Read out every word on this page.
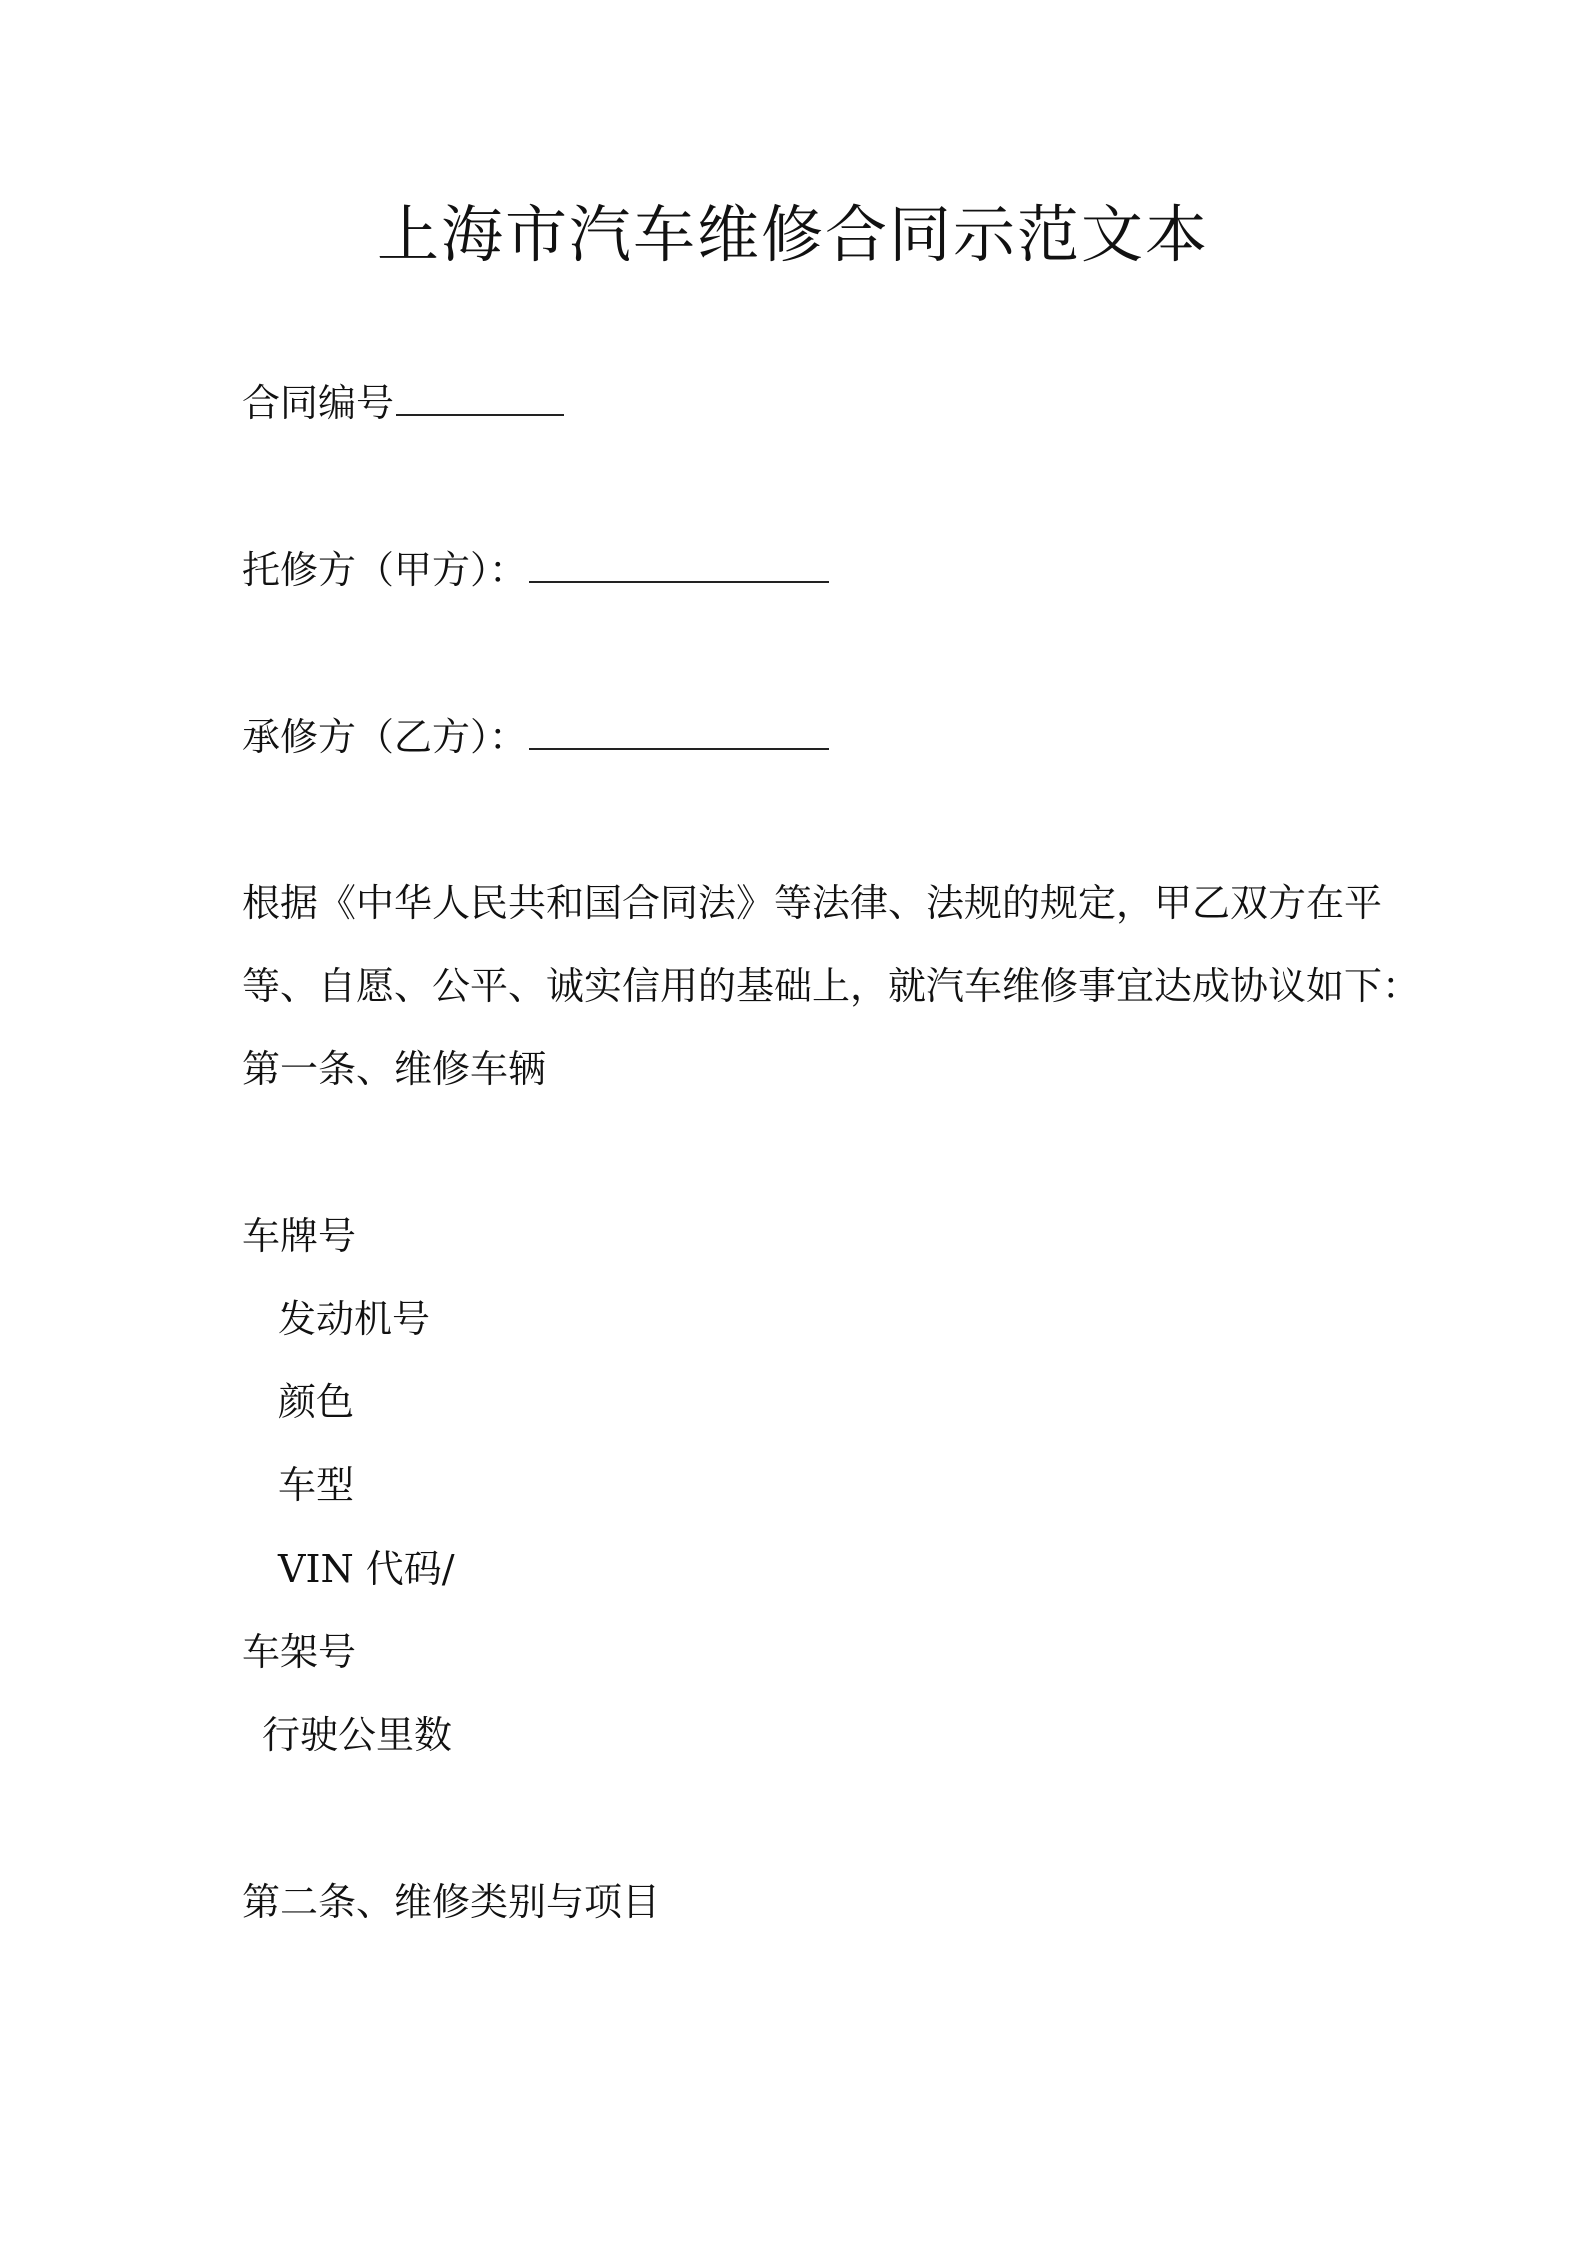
上海市汽车维修合同示范文本
合同编号
托修方（甲方）：
承修方（乙方）：
根据《中华人民共和国合同法》等法律、法规的规定，甲乙双方在平
等、自愿、公平、诚实信用的基础上，就汽车维修事宜达成协议如下：
第一条、维修车辆
车牌号
发动机号
颜色
车型
VIN 代码/
车架号
行驶公里数
第二条、维修类别与项目
